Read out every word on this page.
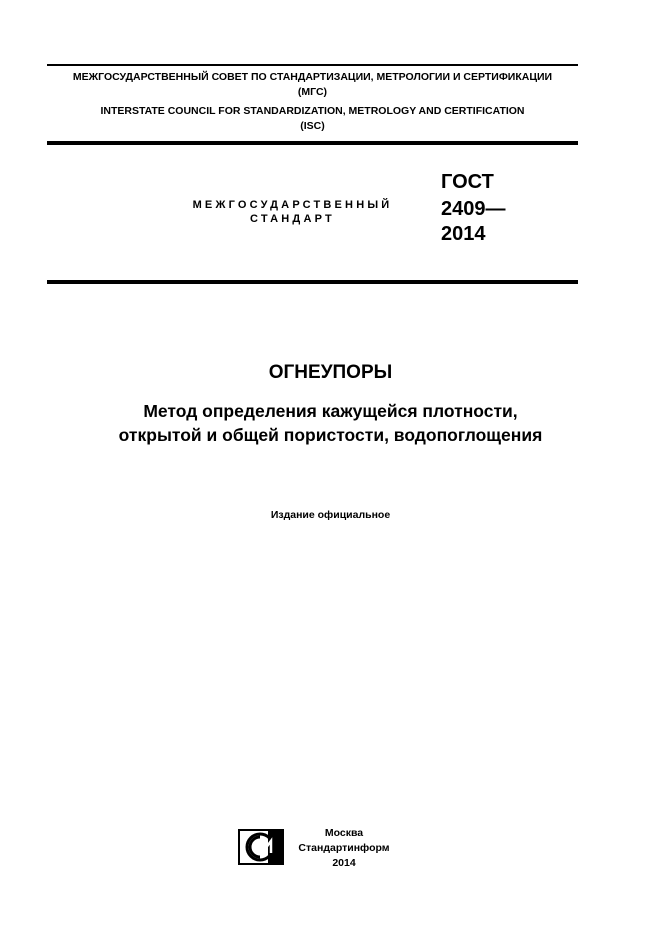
МЕЖГОСУДАРСТВЕННЫЙ СОВЕТ ПО СТАНДАРТИЗАЦИИ, МЕТРОЛОГИИ И СЕРТИФИКАЦИИ
(МГС)
INTERSTATE COUNCIL FOR STANDARDIZATION, METROLOGY AND CERTIFICATION
(ISC)
МЕЖГОСУДАРСТВЕННЫЙ
СТАНДАРТ
ГОСТ
2409—
2014
ОГНЕУПОРЫ
Метод определения кажущейся плотности,
открытой и общей пористости, водопоглощения
Издание официальное
Москва
Стандартинформ
2014
